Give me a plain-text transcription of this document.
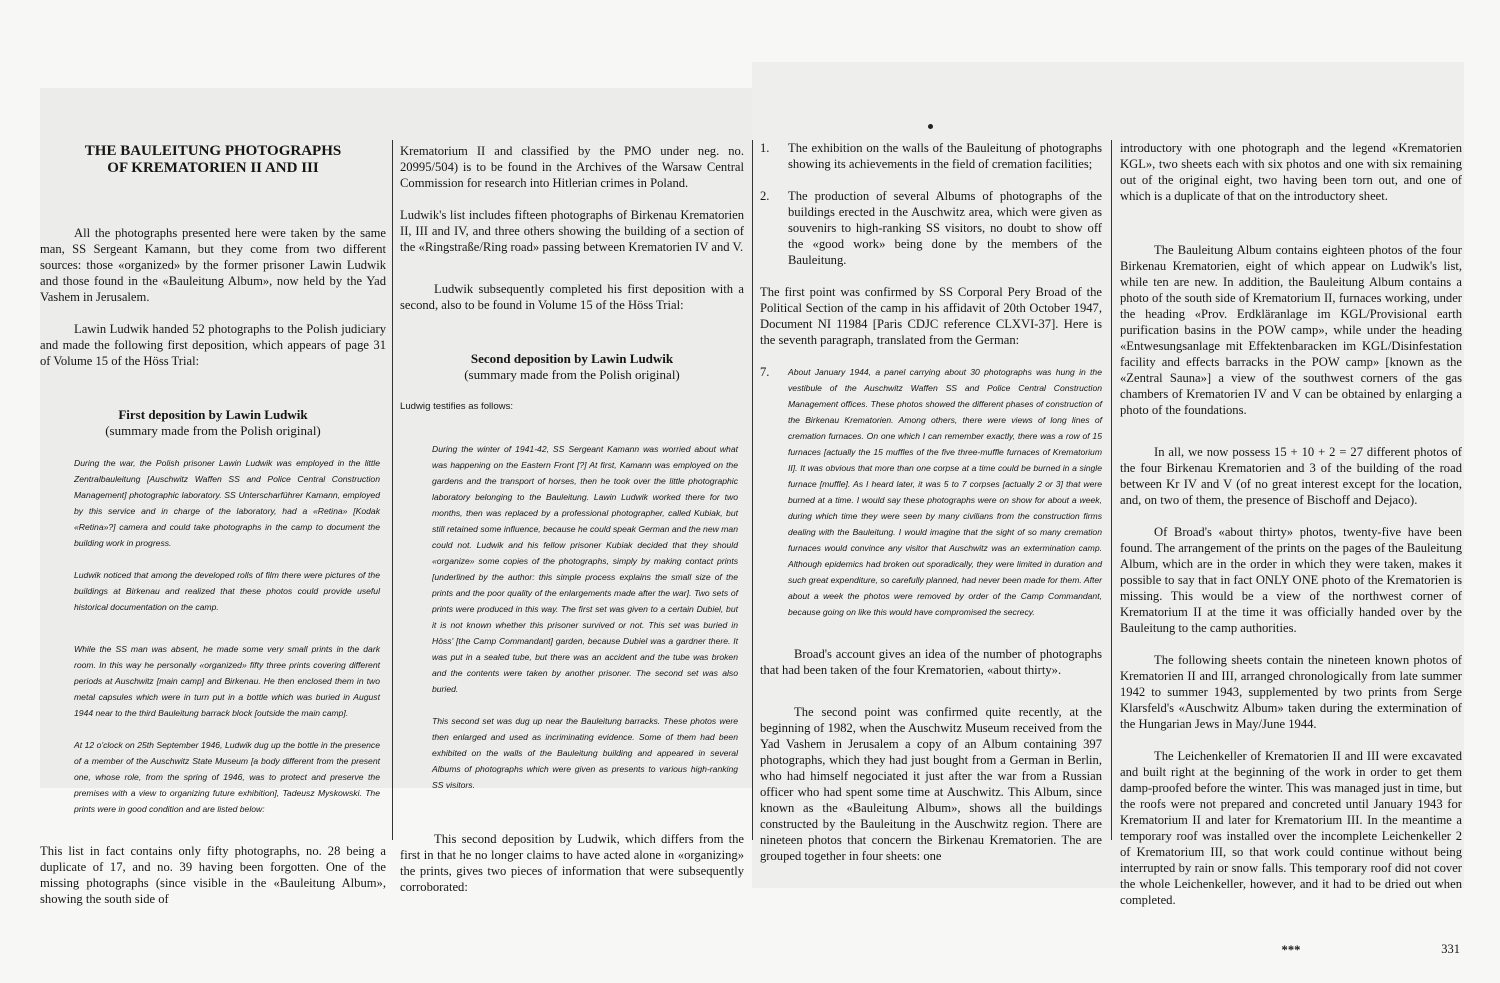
THE BAULEITUNG PHOTOGRAPHS
OF KREMATORIEN II AND III

All the photographs presented here were taken by the same man, SS Sergeant Kamann, but they come from two different sources: those «organized» by the former prisoner Lawin Ludwik and those found in the «Bauleitung Album», now held by the Yad Vashem in Jerusalem.

Lawin Ludwik handed 52 photographs to the Polish judiciary and made the following first deposition, which appears of page 31 of Volume 15 of the Höss Trial:

First deposition by Lawin Ludwik

(summary made from the Polish original)

During the war, the Polish prisoner Lawin Ludwik was employed in the little Zentralbauleitung [Auschwitz Waffen SS and Police Central Construction Management] photographic laboratory. SS Unterscharführer Kamann, employed by this service and in charge of the laboratory, had a «Retina» [Kodak «Retina»?] camera and could take photographs in the camp to document the building work in progress.

Ludwik noticed that among the developed rolls of film there were pictures of the buildings at Birkenau and realized that these photos could provide useful historical documentation on the camp.

While the SS man was absent, he made some very small prints in the dark room. In this way he personally «organized» fifty three prints covering different periods at Auschwitz [main camp] and Birkenau. He then enclosed them in two metal capsules which were in turn put in a bottle which was buried in August 1944 near to the third Bauleitung barrack block [outside the main camp].

At 12 o'clock on 25th September 1946, Ludwik dug up the bottle in the presence of a member of the Auschwitz State Museum [a body different from the present one, whose role, from the spring of 1946, was to protect and preserve the premises with a view to organizing future exhibition], Tadeusz Myskowski. The prints were in good condition and are listed below:

This list in fact contains only fifty photographs, no. 28 being a duplicate of 17, and no. 39 having been forgotten. One of the missing photographs (since visible in the «Bauleitung Album», showing the south side of

Krematorium II and classified by the PMO under neg. no. 20995/504) is to be found in the Archives of the Warsaw Central Commission for research into Hitlerian crimes in Poland.

Ludwik's list includes fifteen photographs of Birkenau Krematorien II, III and IV, and three others showing the building of a section of the «Ringstraße/Ring road» passing between Krematorien IV and V.

Ludwik subsequently completed his first deposition with a second, also to be found in Volume 15 of the Höss Trial:

Second deposition by Lawin Ludwik

(summary made from the Polish original)

Ludwig testifies as follows:

During the winter of 1941-42, SS Sergeant Kamann was worried about what was happening on the Eastern Front [?] At first, Kamann was employed on the gardens and the transport of horses, then he took over the little photographic laboratory belonging to the Bauleitung. Lawin Ludwik worked there for two months, then was replaced by a professional photographer, called Kubiak, but still retained some influence, because he could speak German and the new man could not. Ludwik and his fellow prisoner Kubiak decided that they should «organize» some copies of the photographs, simply by making contact prints [underlined by the author: this simple process explains the small size of the prints and the poor quality of the enlargements made after the war]. Two sets of prints were produced in this way. The first set was given to a certain Dubiel, but it is not known whether this prisoner survived or not. This set was buried in Höss' [the Camp Commandant] garden, because Dubiel was a gardner there. It was put in a sealed tube, but there was an accident and the tube was broken and the contents were taken by another prisoner. The second set was also buried.

This second set was dug up near the Bauleitung barracks. These photos were then enlarged and used as incriminating evidence. Some of them had been exhibited on the walls of the Bauleitung building and appeared in several Albums of photographs which were given as presents to various high-ranking SS visitors.

This second deposition by Ludwik, which differs from the first in that he no longer claims to have acted alone in «organizing» the prints, gives two pieces of information that were subsequently corroborated:

1.	The exhibition on the walls of the Bauleitung of photographs showing its achievements in the field of cremation facilities;
2.	The production of several Albums of photographs of the buildings erected in the Auschwitz area, which were given as souvenirs to high-ranking SS visitors, no doubt to show off the «good work» being done by the members of the Bauleitung.

The first point was confirmed by SS Corporal Pery Broad of the Political Section of the camp in his affidavit of 20th October 1947, Document NI 11984 [Paris CDJC reference CLXVI-37]. Here is the seventh paragraph, translated from the German:

7.	About January 1944, a panel carrying about 30 photographs was hung in the vestibule of the Auschwitz Waffen SS and Police Central Construction Management offices. These photos showed the different phases of construction of the Birkenau Krematorien. Among others, there were views of long lines of cremation furnaces. On one which I can remember exactly, there was a row of 15 furnaces [actually the 15 muffles of the five three-muffle furnaces of Krematorium II]. It was obvious that more than one corpse at a time could be burned in a single furnace [muffle]. As I heard later, it was 5 to 7 corpses [actually 2 or 3] that were burned at a time. I would say these photographs were on show for about a week, during which time they were seen by many civilians from the construction firms dealing with the Bauleitung. I would imagine that the sight of so many cremation furnaces would convince any visitor that Auschwitz was an extermination camp. Although epidemics had broken out sporadically, they were limited in duration and such great expenditure, so carefully planned, had never been made for them. After about a week the photos were removed by order of the Camp Commandant, because going on like this would have compromised the secrecy.

Broad's account gives an idea of the number of photographs that had been taken of the four Krematorien, «about thirty».

The second point was confirmed quite recently, at the beginning of 1982, when the Auschwitz Museum received from the Yad Vashem in Jerusalem a copy of an Album containing 397 photographs, which they had just bought from a German in Berlin, who had himself negociated it just after the war from a Russian officer who had spent some time at Auschwitz. This Album, since known as the «Bauleitung Album», shows all the buildings constructed by the Bauleitung in the Auschwitz region. There are nineteen photos that concern the Birkenau Krematorien. The are grouped together in four sheets: one

introductory with one photograph and the legend «Krematorien KGL», two sheets each with six photos and one with six remaining out of the original eight, two having been torn out, and one of which is a duplicate of that on the introductory sheet.

The Bauleitung Album contains eighteen photos of the four Birkenau Krematorien, eight of which appear on Ludwik's list, while ten are new. In addition, the Bauleitung Album contains a photo of the south side of Krematorium II, furnaces working, under the heading «Prov. Erdkläranlage im KGL/Provisional earth purification basins in the POW camp», while under the heading «Entwesungsanlage mit Effektenbaracken im KGL/Disinfestation facility and effects barracks in the POW camp» [known as the «Zentral Sauna»] a view of the southwest corners of the gas chambers of Krematorien IV and V can be obtained by enlarging a photo of the foundations.

In all, we now possess 15 + 10 + 2 = 27 different photos of the four Birkenau Krematorien and 3 of the building of the road between Kr IV and V (of no great interest except for the location, and, on two of them, the presence of Bischoff and Dejaco).

Of Broad's «about thirty» photos, twenty-five have been found. The arrangement of the prints on the pages of the Bauleitung Album, which are in the order in which they were taken, makes it possible to say that in fact ONLY ONE photo of the Krematorien is missing. This would be a view of the northwest corner of Krematorium II at the time it was officially handed over by the Bauleitung to the camp authorities.

The following sheets contain the nineteen known photos of Krematorien II and III, arranged chronologically from late summer 1942 to summer 1943, supplemented by two prints from Serge Klarsfeld's «Auschwitz Album» taken during the extermination of the Hungarian Jews in May/June 1944.

The Leichenkeller of Krematorien II and III were excavated and built right at the beginning of the work in order to get them damp-proofed before the winter. This was managed just in time, but the roofs were not prepared and concreted until January 1943 for Krematorium II and later for Krematorium III. In the meantime a temporary roof was installed over the incomplete Leichenkeller 2 of Krematorium III, so that work could continue without being interrupted by rain or snow falls. This temporary roof did not cover the whole Leichenkeller, however, and it had to be dried out when completed.

***	331
